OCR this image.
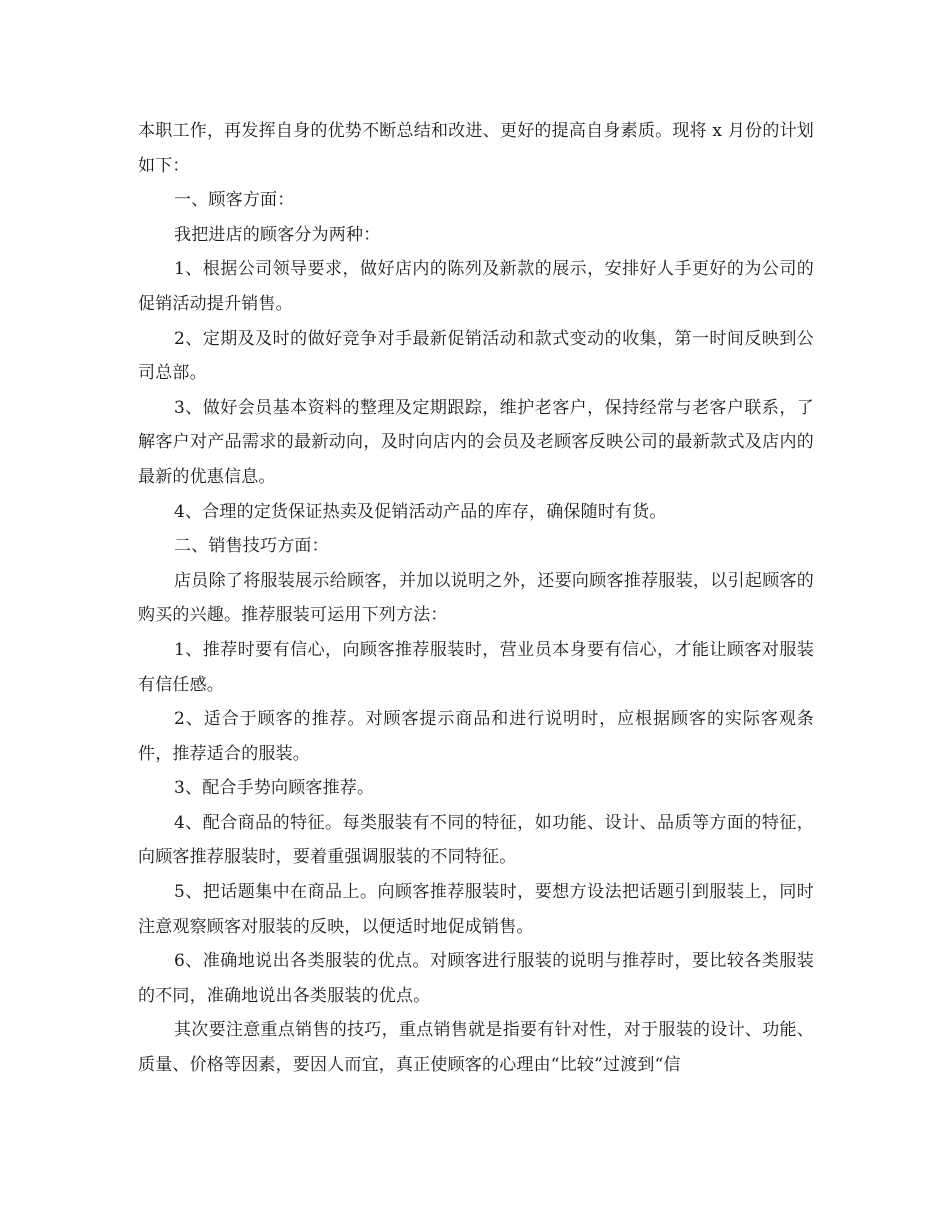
本职工作，再发挥自身的优势不断总结和改进、更好的提高自身素质。现将 x 月份的计划如下：

一、顾客方面：

我把进店的顾客分为两种：

1、根据公司领导要求，做好店内的陈列及新款的展示，安排好人手更好的为公司的促销活动提升销售。

2、定期及及时的做好竞争对手最新促销活动和款式变动的收集，第一时间反映到公司总部。

3、做好会员基本资料的整理及定期跟踪，维护老客户，保持经常与老客户联系，了解客户对产品需求的最新动向，及时向店内的会员及老顾客反映公司的最新款式及店内的最新的优惠信息。

4、合理的定货保证热卖及促销活动产品的库存，确保随时有货。

二、销售技巧方面：

店员除了将服装展示给顾客，并加以说明之外，还要向顾客推荐服装，以引起顾客的购买的兴趣。推荐服装可运用下列方法：

1、推荐时要有信心，向顾客推荐服装时，营业员本身要有信心，才能让顾客对服装有信任感。

2、适合于顾客的推荐。对顾客提示商品和进行说明时，应根据顾客的实际客观条件，推荐适合的服装。

3、配合手势向顾客推荐。

4、配合商品的特征。每类服装有不同的特征，如功能、设计、品质等方面的特征，向顾客推荐服装时，要着重强调服装的不同特征。

5、把话题集中在商品上。向顾客推荐服装时，要想方设法把话题引到服装上，同时注意观察顾客对服装的反映，以便适时地促成销售。

6、准确地说出各类服装的优点。对顾客进行服装的说明与推荐时，要比较各类服装的不同，准确地说出各类服装的优点。

其次要注意重点销售的技巧，重点销售就是指要有针对性，对于服装的设计、功能、质量、价格等因素，要因人而宜，真正使顾客的心理由“比较”过渡到“信
